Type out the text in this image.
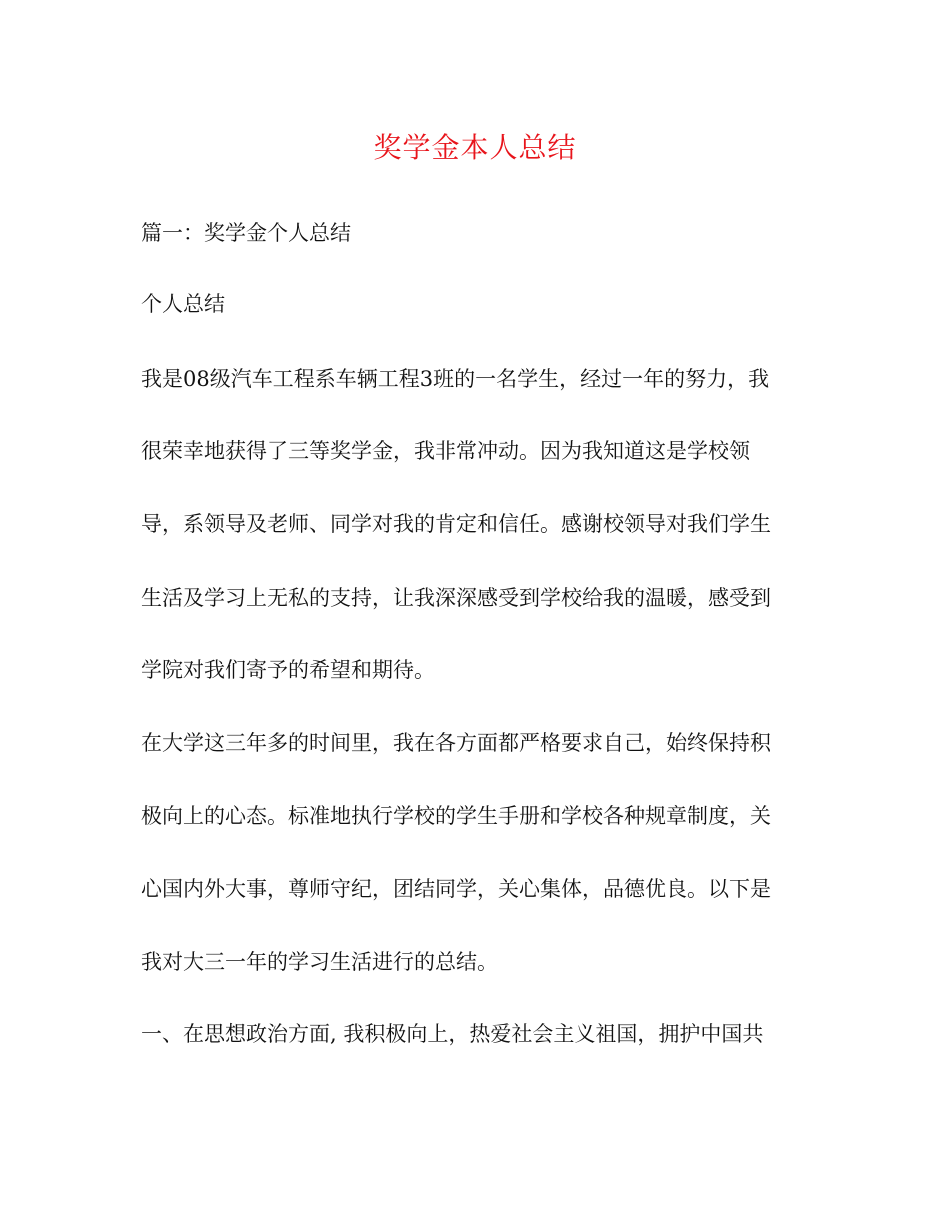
奖学金本人总结
篇一：奖学金个人总结
个人总结
我是08级汽车工程系车辆工程3班的一名学生，经过一年的努力，我
很荣幸地获得了三等奖学金，我非常冲动。因为我知道这是学校领
导，系领导及老师、同学对我的肯定和信任。感谢校领导对我们学生
生活及学习上无私的支持，让我深深感受到学校给我的温暖，感受到
学院对我们寄予的希望和期待。
在大学这三年多的时间里，我在各方面都严格要求自己，始终保持积
极向上的心态。标准地执行学校的学生手册和学校各种规章制度，关
心国内外大事，尊师守纪，团结同学，关心集体，品德优良。以下是
我对大三一年的学习生活进行的总结。
一、在思想政治方面, 我积极向上，热爱社会主义祖国，拥护中国共
